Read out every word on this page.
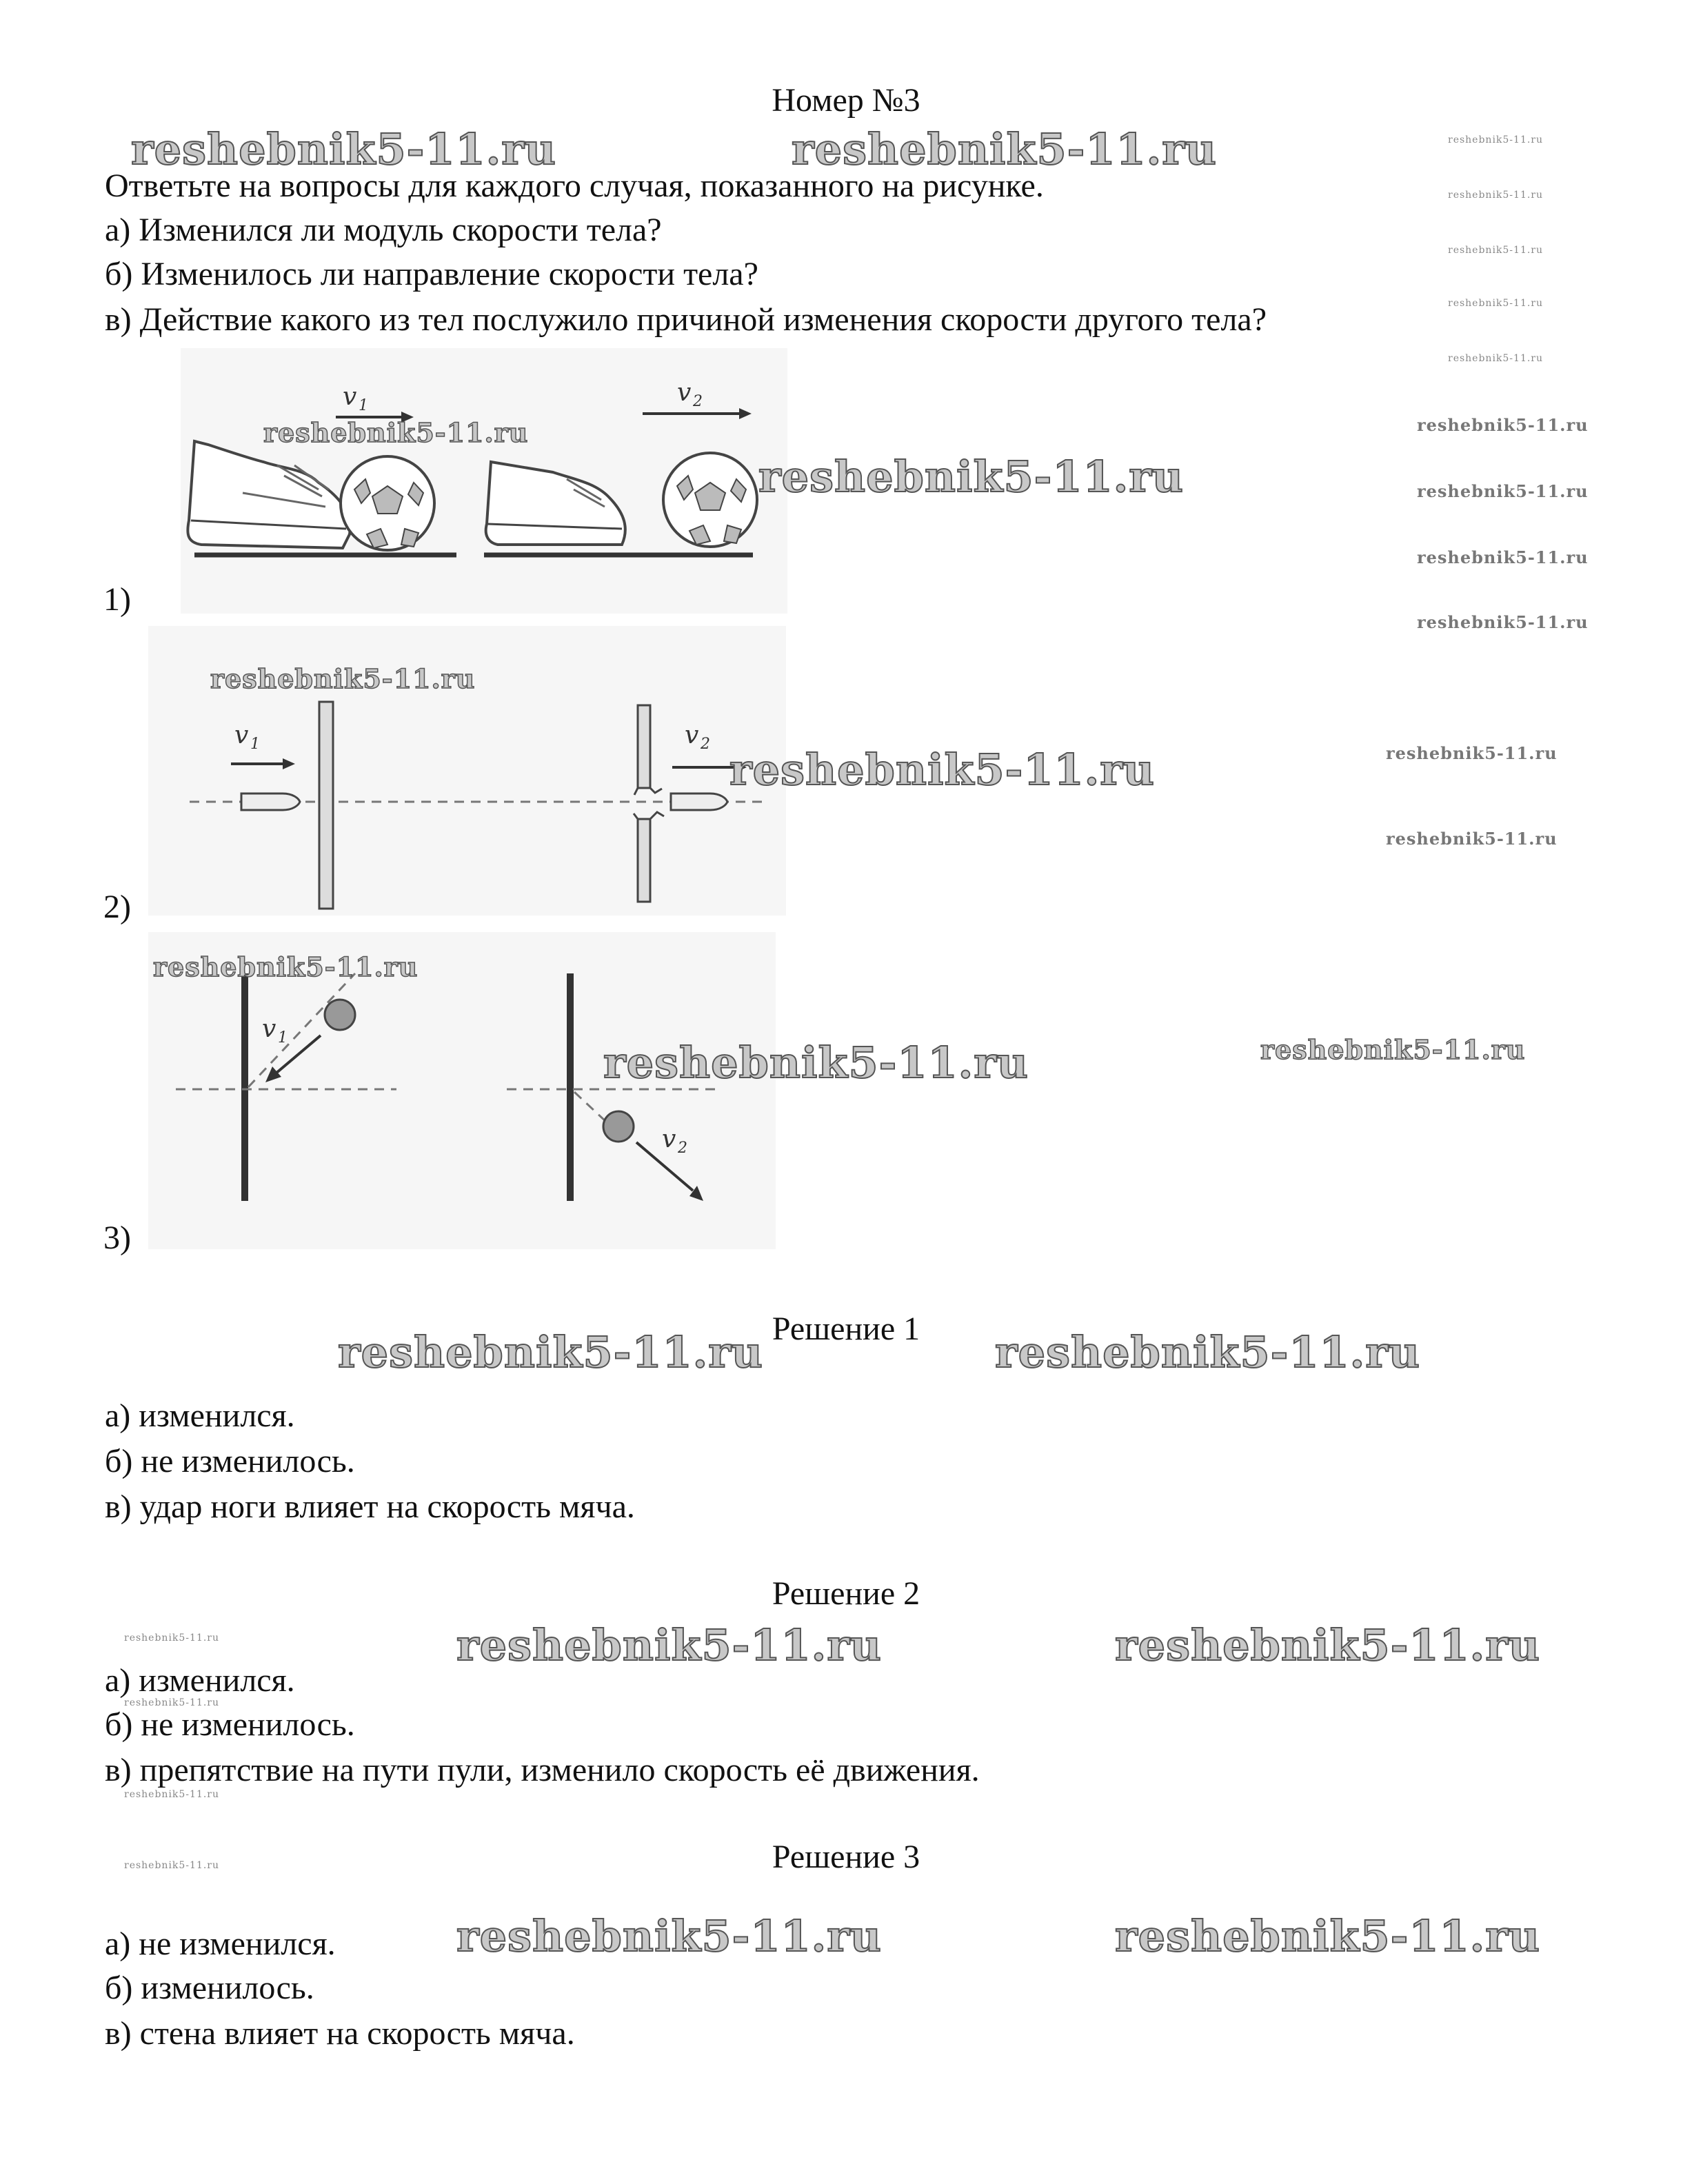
Номер №3
Ответьте на вопросы для каждого случая, показанного на рисунке.
а) Изменился ли модуль скорости тела?
б) Изменилось ли направление скорости тела?
в) Действие какого из тел послужило причиной изменения скорости другого тела?
v 1	v 2
1)
v 1	v 2
2)
v 1
v 2
3)
Решение 1
а) изменился.
б) не изменилось.
в) удар ноги влияет на скорость мяча.
Решение 2
а) изменился.
б) не изменилось.
в) препятствие на пути пули, изменило скорость её движения.
Решение 3
а) не изменился.
б) изменилось.
в) стена влияет на скорость мяча.
reshebnik5-11.ru	reshebnik5-11.ru	reshebnik5-11.ru
reshebnik5-11.ru
reshebnik5-11.ru
reshebnik5-11.ru
reshebnik5-11.ru
reshebnik5-11.ru
reshebnik5-11.ru
reshebnik5-11.ru
reshebnik5-11.ru
reshebnik5-11.ru
reshebnik5-11.ru
reshebnik5-11.ru
reshebnik5-11.ru	reshebnik5-11.ru
reshebnik5-11.ru
reshebnik5-11.ru
reshebnik5-11.ru	reshebnik5-11.ru
reshebnik5-11.ru	reshebnik5-11.ru
reshebnik5-11.ru	reshebnik5-11.ru	reshebnik5-11.ru
reshebnik5-11.ru
reshebnik5-11.ru
reshebnik5-11.ru
reshebnik5-11.ru	reshebnik5-11.ru
